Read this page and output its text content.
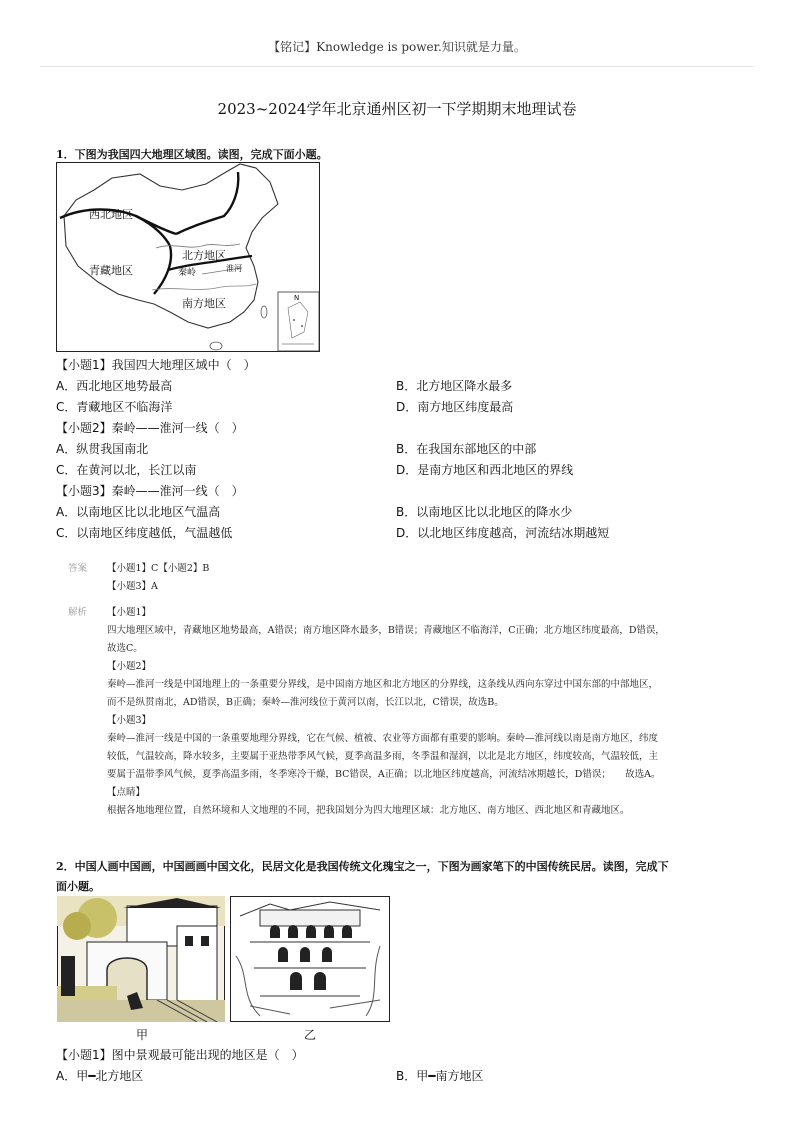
【铭记】Knowledge is power.知识就是力量。
2023~2024学年北京通州区初一下学期期末地理试卷
1．下图为我国四大地理区域图。读图，完成下面小题。
西北地区
青藏地区
北方地区
秦岭	淮河
南方地区	N
【小题1】我国四大地理区域中（　）
A．西北地区地势最高	B．北方地区降水最多
C．青藏地区不临海洋	D．南方地区纬度最高
【小题2】秦岭——淮河一线（　）
A．纵贯我国南北	B．在我国东部地区的中部
C．在黄河以北，长江以南	D．是南方地区和西北地区的界线
【小题3】秦岭——淮河一线（　）
A．以南地区比以北地区气温高	B．以南地区比以北地区的降水少
C．以南地区纬度越低，气温越低	D．以北地区纬度越高，河流结冰期越短
答案 【小题1】C【小题2】B
【小题3】A
解析 【小题1】
四大地理区域中，青藏地区地势最高，A错误；南方地区降水最多，B错误；青藏地区不临海洋，C正确；北方地区纬度最高，D错误，
故选C。
【小题2】
秦岭—淮河一线是中国地理上的一条重要分界线，是中国南方地区和北方地区的分界线，这条线从西向东穿过中国东部的中部地区，
而不是纵贯南北，AD错误，B正确；秦岭—淮河线位于黄河以南，长江以北，C错误，故选B。
【小题3】
秦岭—淮河一线是中国的一条重要地理分界线，它在气候、植被、农业等方面都有重要的影响。秦岭—淮河线以南是南方地区，纬度
较低，气温较高，降水较多，主要属于亚热带季风气候，夏季高温多雨，冬季温和湿润，以北是北方地区，纬度较高，气温较低，主
要属于温带季风气候，夏季高温多雨，冬季寒冷干燥，BC错误，A正确；以北地区纬度越高，河流结冰期越长，D错误；　　故选A。
【点睛】
根据各地地理位置，自然环境和人文地理的不同，把我国划分为四大地理区域：北方地区、南方地区、西北地区和青藏地区。
2．中国人画中国画，中国画画中国文化，民居文化是我国传统文化瑰宝之一，下图为画家笔下的中国传统民居。读图，完成下
面小题。
甲	乙
【小题1】图中景观最可能出现的地区是（　）
A．甲━北方地区	B．甲━南方地区
